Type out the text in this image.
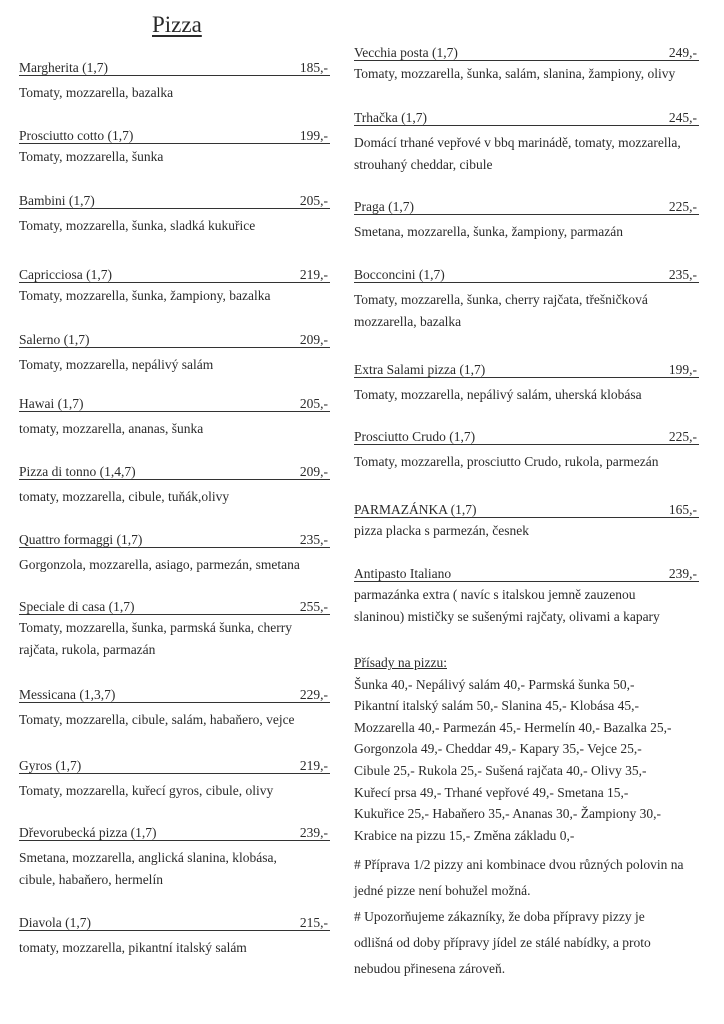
Pizza
Margherita (1,7)	185,-
Tomaty, mozzarella, bazalka
Prosciutto cotto (1,7)	199,-
Tomaty, mozzarella, šunka
Bambini (1,7)	205,-
Tomaty, mozzarella, šunka, sladká kukuřice
Capricciosa (1,7)	219,-
Tomaty, mozzarella, šunka, žampiony, bazalka
Salerno (1,7)	209,-
Tomaty, mozzarella, nepálivý salám
Hawai (1,7)	205,-
tomaty, mozzarella, ananas, šunka
Pizza di tonno (1,4,7)	209,-
tomaty, mozzarella, cibule, tuňák,olivy
Quattro formaggi (1,7)	235,-
Gorgonzola, mozzarella, asiago, parmezán, smetana
Speciale di casa (1,7)	255,-
Tomaty, mozzarella, šunka, parmská šunka, cherry
rajčata, rukola, parmazán
Messicana (1,3,7)	229,-
Tomaty, mozzarella, cibule, salám, habaňero, vejce
Gyros (1,7)	219,-
Tomaty, mozzarella, kuřecí gyros, cibule, olivy
Dřevorubecká pizza (1,7)	239,-
Smetana, mozzarella, anglická slanina, klobása,
cibule, habaňero, hermelín
Diavola (1,7)	215,-
tomaty, mozzarella, pikantní italský salám
Vecchia posta (1,7)	249,-
Tomaty, mozzarella, šunka, salám, slanina, žampiony, olivy
Trhačka (1,7)	245,-
Domácí trhané vepřové v bbq marinádě, tomaty, mozzarella,
strouhaný cheddar, cibule
Praga (1,7)	225,-
Smetana, mozzarella, šunka, žampiony, parmazán
Bocconcini (1,7)	235,-
Tomaty, mozzarella, šunka, cherry rajčata, třešničková
mozzarella, bazalka
Extra Salami pizza (1,7)	199,-
Tomaty, mozzarella, nepálivý salám, uherská klobása
Prosciutto Crudo (1,7)	225,-
Tomaty, mozzarella, prosciutto Crudo, rukola, parmezán
PARMAZÁNKA (1,7)	165,-
pizza placka s parmezán, česnek
Antipasto Italiano	239,-
parmazánka extra ( navíc s italskou jemně zauzenou
slaninou) mističky se sušenými rajčaty, olivami a kapary
Přísady na pizzu:
Šunka 40,- Nepálivý salám 40,- Parmská šunka 50,-
Pikantní italský salám 50,- Slanina 45,- Klobása 45,-
Mozzarella 40,- Parmezán 45,- Hermelín 40,- Bazalka 25,-
Gorgonzola 49,- Cheddar 49,- Kapary 35,- Vejce 25,-
Cibule 25,- Rukola 25,- Sušená rajčata 40,- Olivy 35,-
Kuřecí prsa 49,- Trhané vepřové 49,- Smetana 15,-
Kukuřice 25,- Habaňero 35,- Ananas 30,- Žampiony 30,-
Krabice na pizzu 15,- Změna základu 0,-
# Příprava 1/2 pizzy ani kombinace dvou různých polovin na
jedné pizze není bohužel možná.
# Upozorňujeme zákazníky, že doba přípravy pizzy je
odlišná od doby přípravy jídel ze stálé nabídky, a proto
nebudou přinesena zároveň.
